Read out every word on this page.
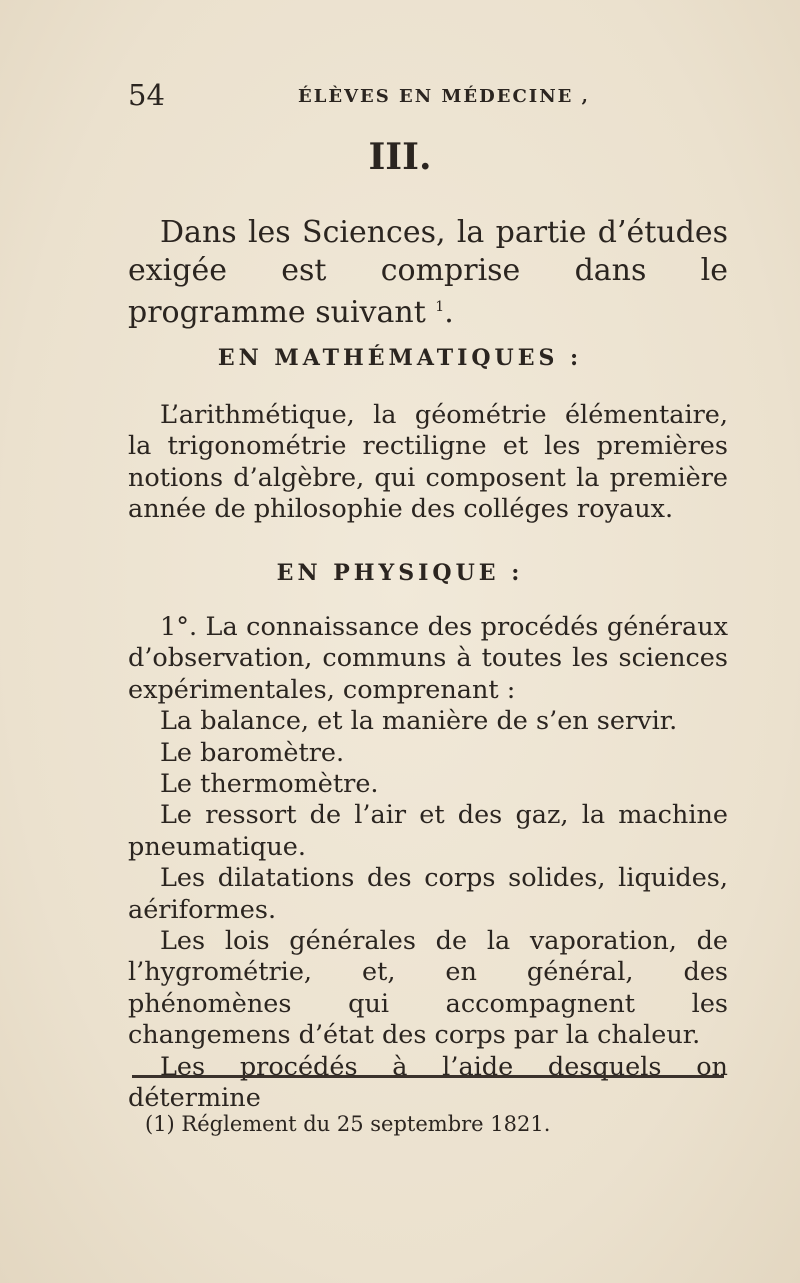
54	ÉLÈVES EN MÉDECINE ,
III.

Dans les Sciences, la partie d’études exigée est comprise dans le programme suivant $^1$.

EN MATHÉMATIQUES :

L’arithmétique, la géométrie élémentaire, la trigonométrie rectiligne et les premières notions d’algèbre, qui composent la première année de philosophie des colléges royaux.

EN PHYSIQUE :

1°. La connaissance des procédés généraux d’observation, communs à toutes les sciences expérimentales, comprenant :

La balance, et la manière de s’en servir.

Le baromètre.

Le thermomètre.

Le ressort de l’air et des gaz, la machine pneumatique.

Les dilatations des corps solides, liquides, aériformes.

Les lois générales de la vaporation, de l’hygrométrie, et, en général, des phénomènes qui accompagnent les changemens d’état des corps par la chaleur.

Les procédés à l’aide desquels on détermine

(1) Réglement du 25 septembre 1821.
